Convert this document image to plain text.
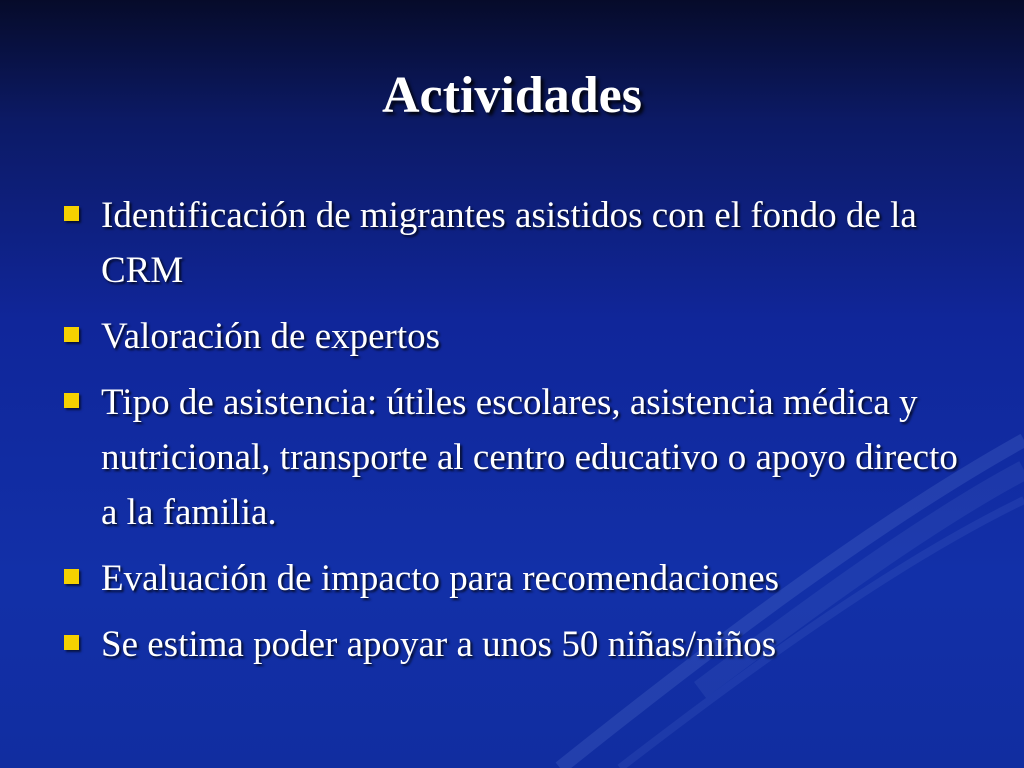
Actividades
Identificación de migrantes asistidos con el fondo de la CRM
Valoración de expertos
Tipo de asistencia: útiles escolares, asistencia médica y nutricional, transporte al centro educativo o apoyo directo a la familia.
Evaluación de impacto para recomendaciones
Se estima poder apoyar a unos 50 niñas/niños
